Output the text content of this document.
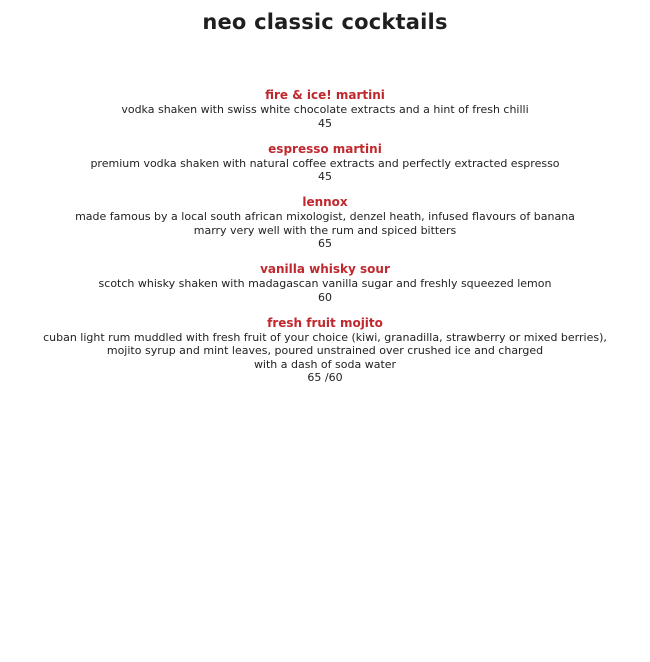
neo classic cocktails
fire & ice! martini
vodka shaken with swiss white chocolate extracts and a hint of fresh chilli
45
espresso martini
premium vodka shaken with natural coffee extracts and perfectly extracted espresso
45
lennox
made famous by a local south african mixologist, denzel heath, infused flavours of banana
marry very well with the rum and spiced bitters
65
vanilla whisky sour
scotch whisky shaken with madagascan vanilla sugar and freshly squeezed lemon
60
fresh fruit mojito
cuban light rum muddled with fresh fruit of your choice (kiwi, granadilla, strawberry or mixed berries),
mojito syrup and mint leaves, poured unstrained over crushed ice and charged
with a dash of soda water
65 /60
